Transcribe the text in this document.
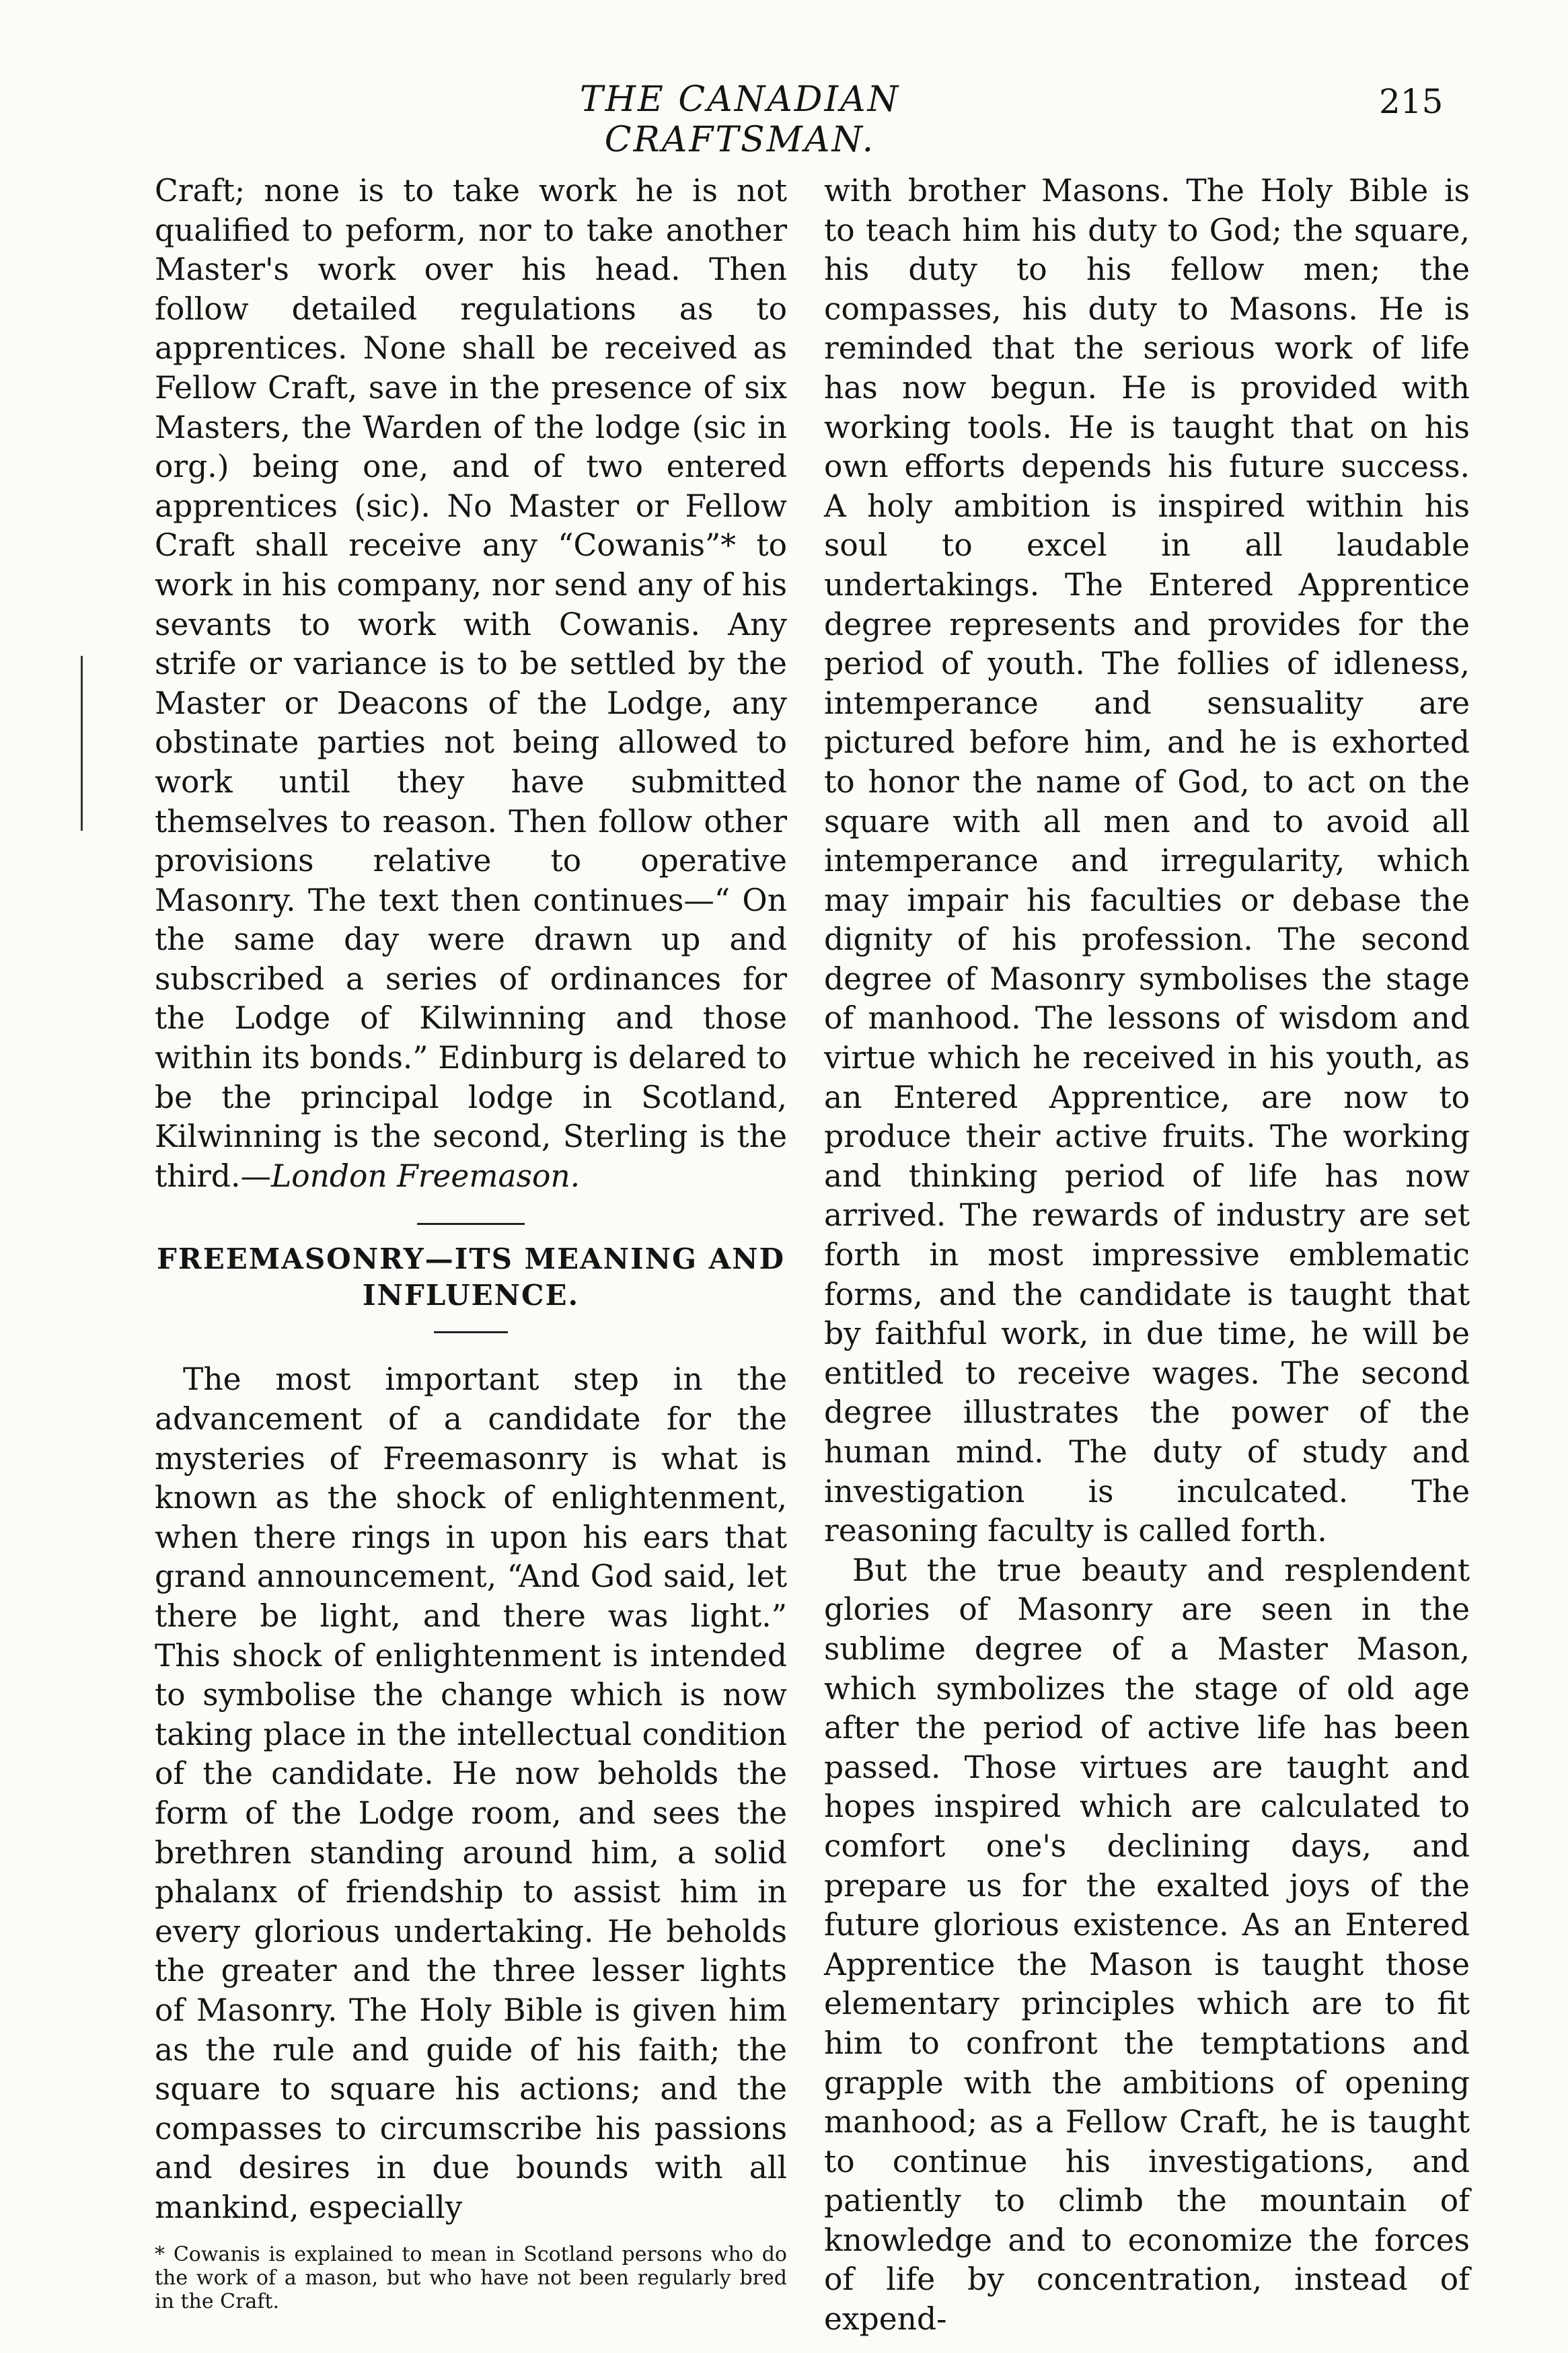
THE CANADIAN CRAFTSMAN.
215

Craft; none is to take work he is not qualified to peform, nor to take another Master's work over his head. Then follow detailed regulations as to apprentices. None shall be received as Fellow Craft, save in the presence of six Masters, the Warden of the lodge (sic in org.) being one, and of two entered apprentices (sic). No Master or Fellow Craft shall receive any “Cowanis”* to work in his company, nor send any of his sevants to work with Cowanis. Any strife or variance is to be settled by the Master or Deacons of the Lodge, any obstinate parties not being allowed to work until they have submitted themselves to reason. Then follow other provisions relative to operative Masonry. The text then continues—“ On the same day were drawn up and subscribed a series of ordinances for the Lodge of Kilwinning and those within its bonds.” Edinburg is delared to be the principal lodge in Scotland, Kilwinning is the second, Sterling is the third.—London Freemason.

FREEMASONRY—ITS MEANING AND INFLUENCE.

The most important step in the advancement of a candidate for the mysteries of Freemasonry is what is known as the shock of enlightenment, when there rings in upon his ears that grand announcement, “And God said, let there be light, and there was light.” This shock of enlightenment is intended to symbolise the change which is now taking place in the intellectual condition of the candidate. He now beholds the form of the Lodge room, and sees the brethren standing around him, a solid phalanx of friendship to assist him in every glorious undertaking. He beholds the greater and the three lesser lights of Masonry. The Holy Bible is given him as the rule and guide of his faith; the square to square his actions; and the compasses to circumscribe his passions and desires in due bounds with all mankind, especially

* Cowanis is explained to mean in Scotland persons who do the work of a mason, but who have not been regularly bred in the Craft.

with brother Masons. The Holy Bible is to teach him his duty to God; the square, his duty to his fellow men; the compasses, his duty to Masons. He is reminded that the serious work of life has now begun. He is provided with working tools. He is taught that on his own efforts depends his future success. A holy ambition is inspired within his soul to excel in all laudable undertakings. The Entered Apprentice degree represents and provides for the period of youth. The follies of idleness, intemperance and sensuality are pictured before him, and he is exhorted to honor the name of God, to act on the square with all men and to avoid all intemperance and irregularity, which may impair his faculties or debase the dignity of his profession. The second degree of Masonry symbolises the stage of manhood. The lessons of wisdom and virtue which he received in his youth, as an Entered Apprentice, are now to produce their active fruits. The working and thinking period of life has now arrived. The rewards of industry are set forth in most impressive emblematic forms, and the candidate is taught that by faithful work, in due time, he will be entitled to receive wages. The second degree illustrates the power of the human mind. The duty of study and investigation is inculcated. The reasoning faculty is called forth.

But the true beauty and resplendent glories of Masonry are seen in the sublime degree of a Master Mason, which symbolizes the stage of old age after the period of active life has been passed. Those virtues are taught and hopes inspired which are calculated to comfort one's declining days, and prepare us for the exalted joys of the future glorious existence. As an Entered Apprentice the Mason is taught those elementary principles which are to fit him to confront the temptations and grapple with the ambitions of opening manhood; as a Fellow Craft, he is taught to continue his investigations, and patiently to climb the mountain of knowledge and to economize the forces of life by concentration, instead of expend-
